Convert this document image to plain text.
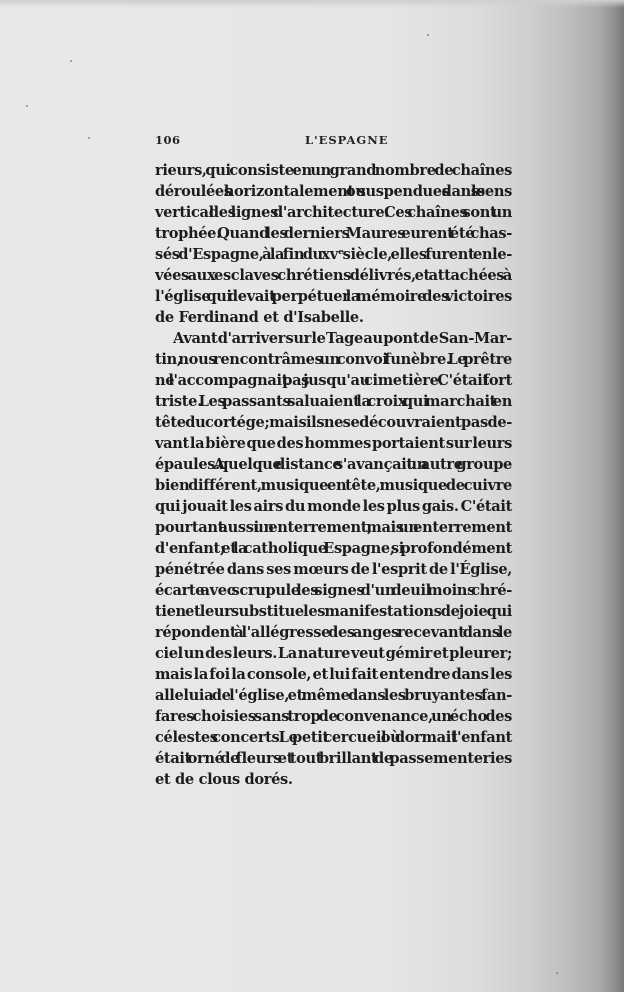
106	L'ESPAGNE
rieurs, qui consiste en un grand nombre de chaînes
déroulées horizontalement ou suspendues dans le sens
vertical des lignes d'architecture. Ces chaînes sont un
trophée. Quand les derniers Maures eurent été chas-
sés d'Espagne, à la fin du xvᵉ siècle, elles furent enle-
vées aux esclaves chrétiens délivrés, et attachées à
l'église qui devait perpétuer la mémoire des victoires
de Ferdinand et d'Isabelle.
Avant d'arriver sur le Tage au pont de San-Mar-
tin, nous rencontrâmes un convoi funèbre. Le prêtre
ne l'accompagnait pas jusqu'au cimetière. C'était fort
triste. Les passants saluaient la croix qui marchait en
tête du cortége; mais ils ne se découvraient pas de-
vant la bière que des hommes portaient sur leurs
épaules. A quelque distance s'avançait un autre groupe
bien différent, musique en tête, musique de cuivre
qui jouait les airs du monde les plus gais. C'était
pourtant aussi un enterrement, mais un enterrement
d'enfant; et la catholique Espagne, si profondément
pénétrée dans ses mœurs de l'esprit de l'Église,
écarte avec scrupule les signes d'un deuil moins chré-
tien et leur substitue les manifestations de joie qui
répondent à l'allégresse des anges recevant dans le
ciel un des leurs. La nature veut gémir et pleurer;
mais la foi la console, et lui fait entendre dans les
alleluia de l'église, et même dans les bruyantes fan-
fares choisies sans trop de convenance, un écho des
célestes concerts. Le petit cercueil où dormait l'enfant
était orné de fleurs et tout brillant de passementeries
et de clous dorés.
